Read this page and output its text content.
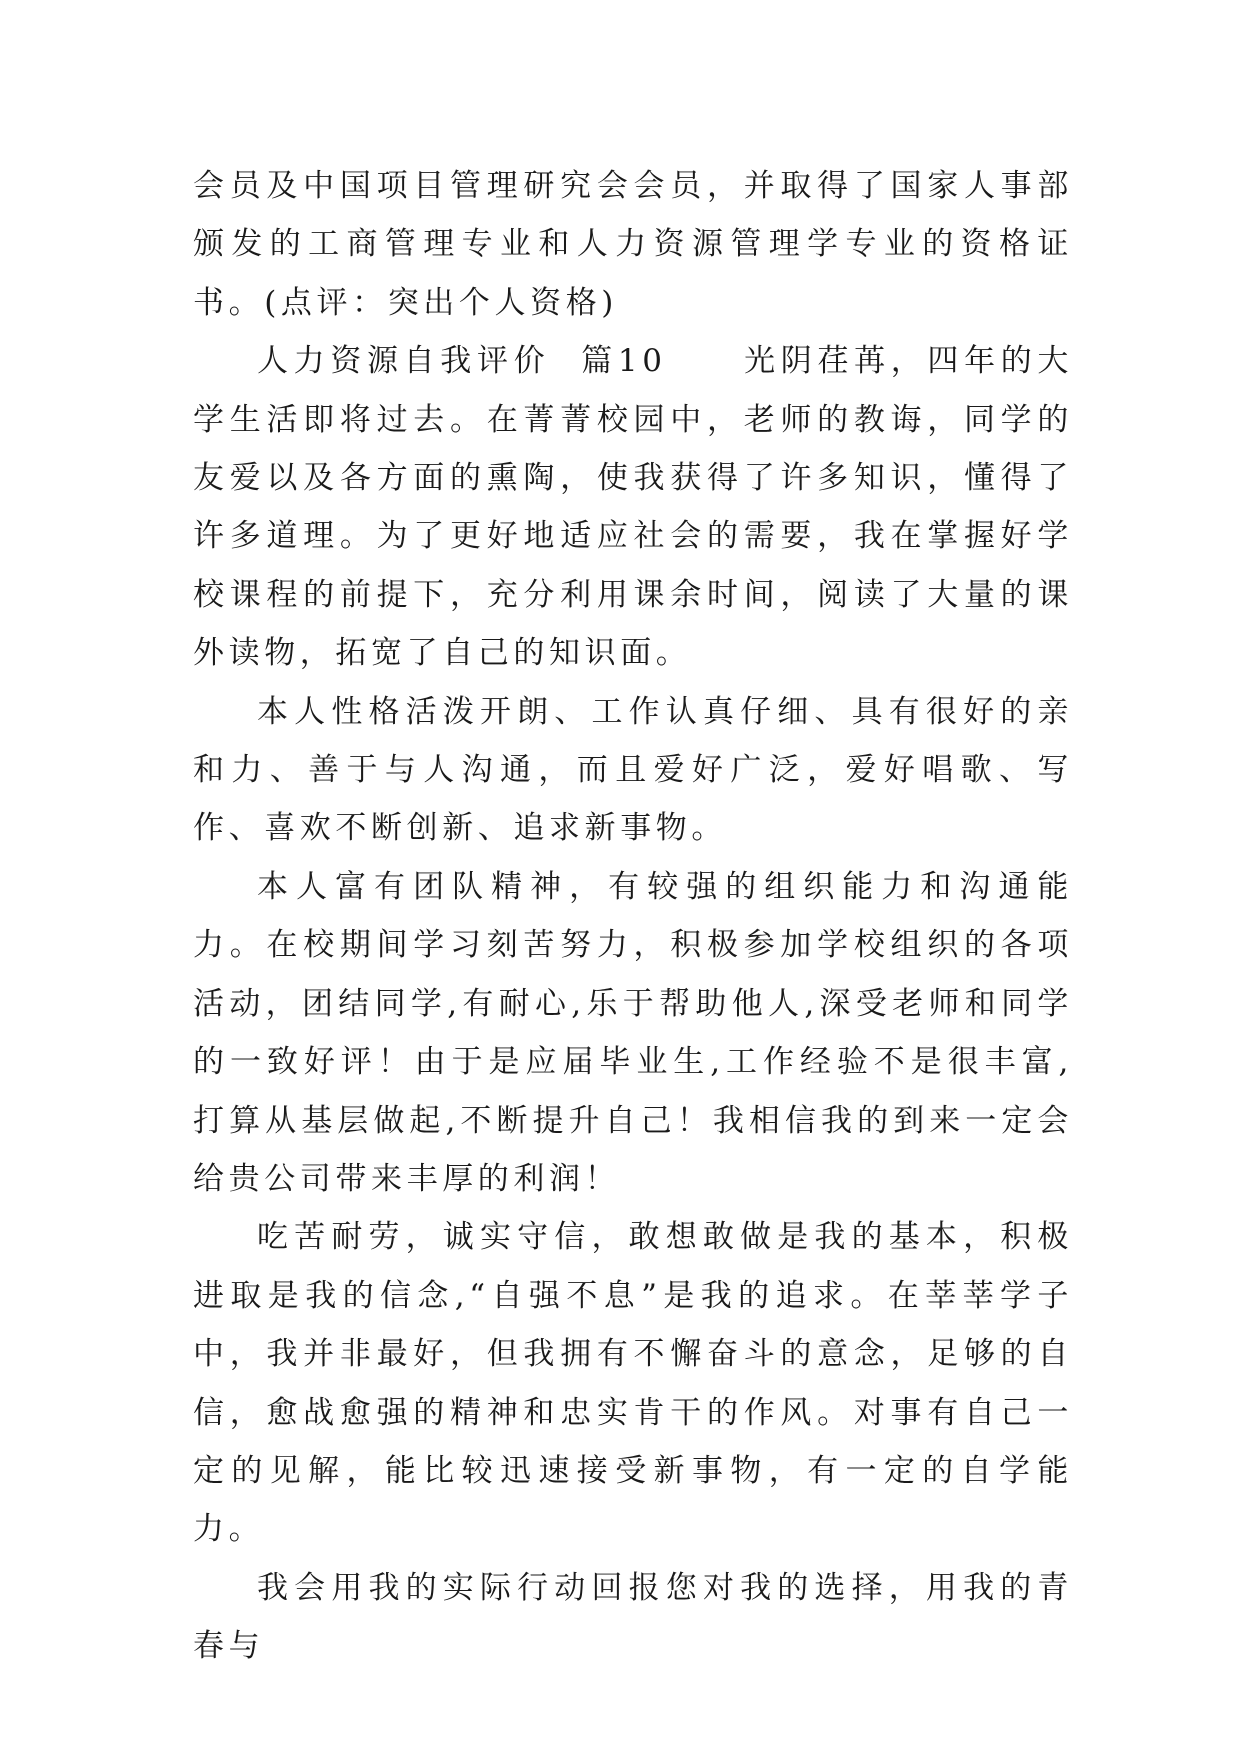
会员及中国项目管理研究会会员，并取得了国家人事部颁发的工商管理专业和人力资源管理学专业的资格证书。(点评：突出个人资格)

人力资源自我评价  篇10     光阴荏苒，四年的大学生活即将过去。在菁菁校园中，老师的教诲，同学的友爱以及各方面的熏陶，使我获得了许多知识，懂得了许多道理。为了更好地适应社会的需要，我在掌握好学校课程的前提下，充分利用课余时间，阅读了大量的课外读物，拓宽了自己的知识面。

本人性格活泼开朗、工作认真仔细、具有很好的亲和力、善于与人沟通，而且爱好广泛，爱好唱歌、写作、喜欢不断创新、追求新事物。

本人富有团队精神，有较强的组织能力和沟通能力。在校期间学习刻苦努力，积极参加学校组织的各项活动，团结同学,有耐心,乐于帮助他人,深受老师和同学的一致好评！由于是应届毕业生,工作经验不是很丰富,打算从基层做起,不断提升自己！我相信我的到来一定会给贵公司带来丰厚的利润！

吃苦耐劳，诚实守信，敢想敢做是我的基本，积极进取是我的信念,“自强不息”是我的追求。在莘莘学子中，我并非最好，但我拥有不懈奋斗的意念，足够的自信，愈战愈强的精神和忠实肯干的作风。对事有自己一定的见解，能比较迅速接受新事物，有一定的自学能力。

我会用我的实际行动回报您对我的选择，用我的青春与
